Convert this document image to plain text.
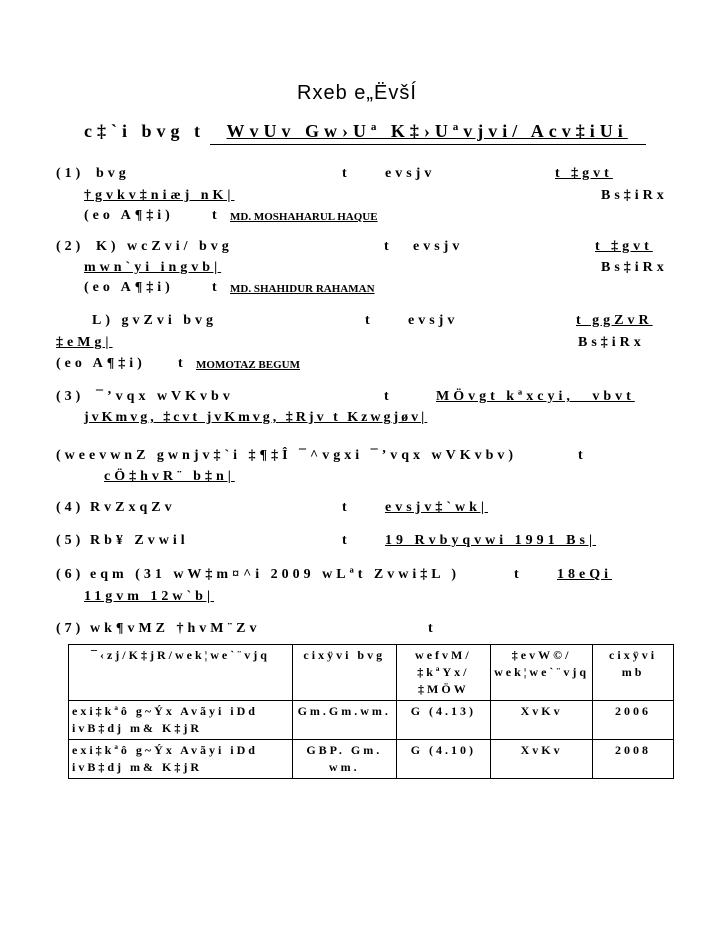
Rxeb e„ËvšÍ
c‡`i bvg t WvUv Gw›Uª K‡›Uªvjvi/ Acv‡iUi
(1) bvg	t evsjv	t ‡gvt
†gvkv‡niæj nK|	Bs‡iRx
(eo A¶‡i)	t MD. MOSHAHARUL HAQUE
(2) K) wcZvi/ bvg	t evsjv	t ‡gvt
mwn`yi ingvb|	Bs‡iRx
(eo A¶‡i)	t MD. SHAHIDUR RAHAMAN
L) gvZvi bvg	t evsjv	t ggZvR
‡eMg|	Bs‡iRx
(eo A¶‡i) t MOMOTAZ BEGUM
(3) ¯’vqx wVKvbv	t	MÖvgt kªxcyi, _vbvt
jvKmvg, ‡cvt jvKmvg, ‡Rjv t Kzwgjøv|
(weevwnZ gwnjv‡`i ‡¶‡Î ¯^vgxi ¯’vqx wVKvbv)	t
cÖ‡hvR¨ b‡n|
(4) RvZxqZv	t evsjv‡`wk|
(5) Rb¥ Zvwil	t 19 Rvbyqvwi 1991 Bs|
(6) eqm (31 wW‡m¤^i 2009 wLªt Zvwi‡L )	t 18eQi
11gvm 12w`b|
(7) wk¶vMZ †hvM¨Zv	t
¯‹zj/K‡jR/wek¦we`¨vjq	cixÿvi bvg	wefvM/‡kªYx/‡MÖW	‡evW©/ wek¦we`¨vjq	cixÿvi mb
exi‡kªô g~Ýx Avãyi iDd ivB‡dj m& K‡jR	Gm.Gm.wm.	G (4.13)	XvKv	2006
exi‡kªô g~Ýx Avãyi iDd ivB‡dj m& K‡jR	GBP. Gm. wm.	G (4.10)	XvKv	2008
